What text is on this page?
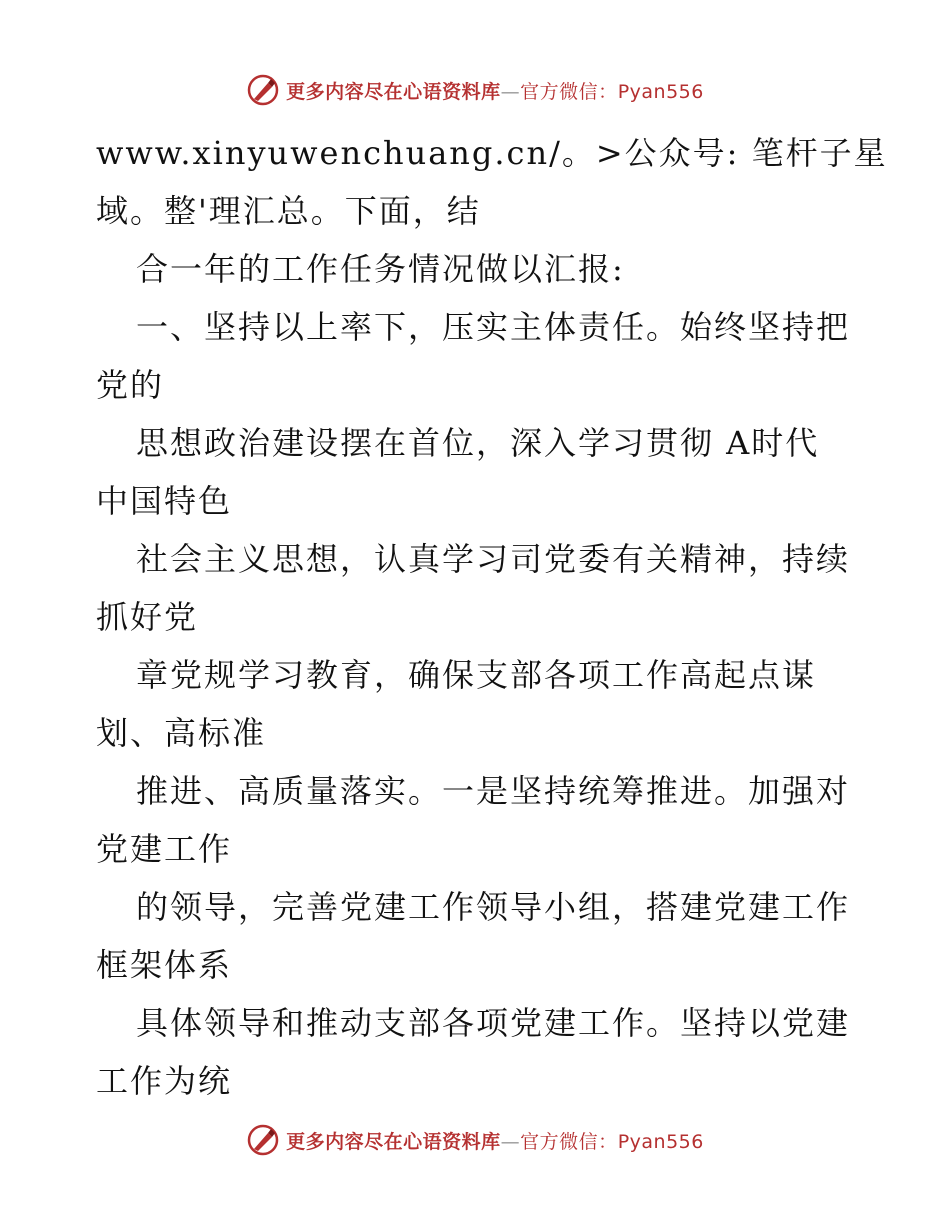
更多内容尽在心语资料库—官方微信：Pyan556
www.xinyuwenchuang.cn/。>公众号: 笔杆子星
域。整'理汇总。下面，结
合一年的工作任务情况做以汇报:
一、坚持以上率下，压实主体责任。始终坚持把
党的
思想政治建设摆在首位，深入学习贯彻 A时代
中国特色
社会主义思想，认真学习司党委有关精神，持续
抓好党
章党规学习教育，确保支部各项工作高起点谋
划、高标准
推进、高质量落实。一是坚持统筹推进。加强对
党建工作
的领导，完善党建工作领导小组，搭建党建工作
框架体系
具体领导和推动支部各项党建工作。坚持以党建
工作为统
更多内容尽在心语资料库—官方微信：Pyan556
